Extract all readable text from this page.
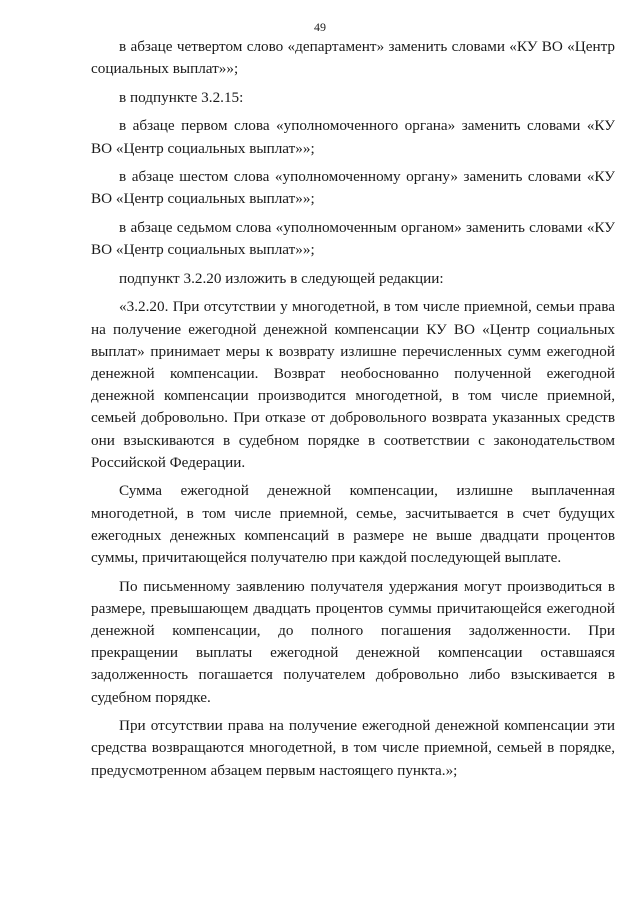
49

в абзаце четвертом слово «департамент» заменить словами «КУ ВО «Центр социальных выплат»»;

в подпункте 3.2.15:

в абзаце первом слова «уполномоченного органа» заменить словами «КУ ВО «Центр социальных выплат»»;

в абзаце шестом слова «уполномоченному органу» заменить словами «КУ ВО «Центр социальных выплат»»;

в абзаце седьмом слова «уполномоченным органом» заменить словами «КУ ВО «Центр социальных выплат»»;

подпункт 3.2.20 изложить в следующей редакции:

«3.2.20. При отсутствии у многодетной, в том числе приемной, семьи права на получение ежегодной денежной компенсации КУ ВО «Центр социальных выплат» принимает меры к возврату излишне перечисленных сумм ежегодной денежной компенсации. Возврат необоснованно полученной ежегодной денежной компенсации производится многодетной, в том числе приемной, семьей добровольно. При отказе от добровольного возврата указанных средств они взыскиваются в судебном порядке в соответствии с законодательством Российской Федерации.

Сумма ежегодной денежной компенсации, излишне выплаченная многодетной, в том числе приемной, семье, засчитывается в счет будущих ежегодных денежных компенсаций в размере не выше двадцати процентов суммы, причитающейся получателю при каждой последующей выплате.

По письменному заявлению получателя удержания могут производиться в размере, превышающем двадцать процентов суммы причитающейся ежегодной денежной компенсации, до полного погашения задолженности. При прекращении выплаты ежегодной денежной компенсации оставшаяся задолженность погашается получателем добровольно либо взыскивается в судебном порядке.

При отсутствии права на получение ежегодной денежной компенсации эти средства возвращаются многодетной, в том числе приемной, семьей в порядке, предусмотренном абзацем первым настоящего пункта.»;
